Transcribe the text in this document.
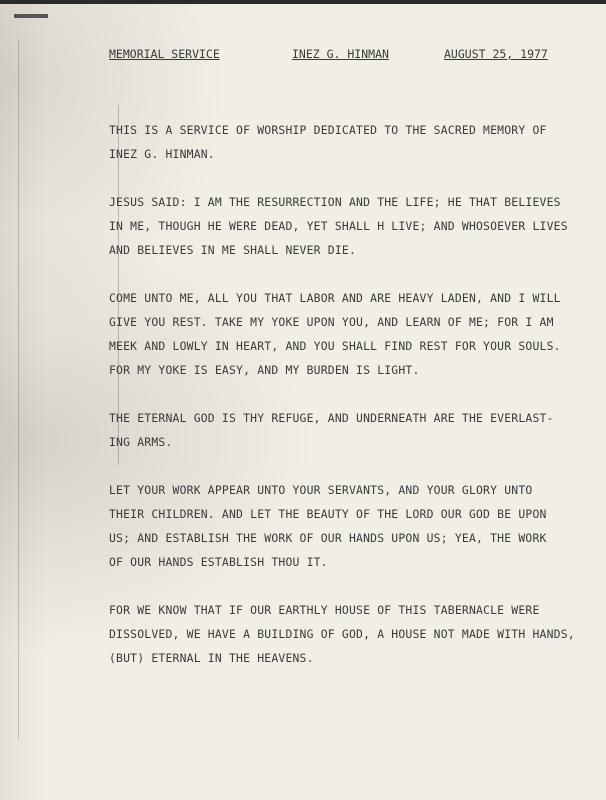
MEMORIAL SERVICE	INEZ G. HINMAN	AUGUST 25, 1977

THIS IS A SERVICE OF WORSHIP DEDICATED TO THE SACRED MEMORY OF
INEZ G. HINMAN.

JESUS SAID: I AM THE RESURRECTION AND THE LIFE; HE THAT BELIEVES
IN ME, THOUGH HE WERE DEAD, YET SHALL H LIVE; AND WHOSOEVER LIVES
AND BELIEVES IN ME SHALL NEVER DIE.

COME UNTO ME, ALL YOU THAT LABOR AND ARE HEAVY LADEN, AND I WILL
GIVE YOU REST. TAKE MY YOKE UPON YOU, AND LEARN OF ME; FOR I AM
MEEK AND LOWLY IN HEART, AND YOU SHALL FIND REST FOR YOUR SOULS.
FOR MY YOKE IS EASY, AND MY BURDEN IS LIGHT.

THE ETERNAL GOD IS THY REFUGE, AND UNDERNEATH ARE THE EVERLAST-
ING ARMS.

LET YOUR WORK APPEAR UNTO YOUR SERVANTS, AND YOUR GLORY UNTO
THEIR CHILDREN. AND LET THE BEAUTY OF THE LORD OUR GOD BE UPON
US; AND ESTABLISH THE WORK OF OUR HANDS UPON US; YEA, THE WORK
OF OUR HANDS ESTABLISH THOU IT.

FOR WE KNOW THAT IF OUR EARTHLY HOUSE OF THIS TABERNACLE WERE
DISSOLVED, WE HAVE A BUILDING OF GOD, A HOUSE NOT MADE WITH HANDS,
(BUT) ETERNAL IN THE HEAVENS.
